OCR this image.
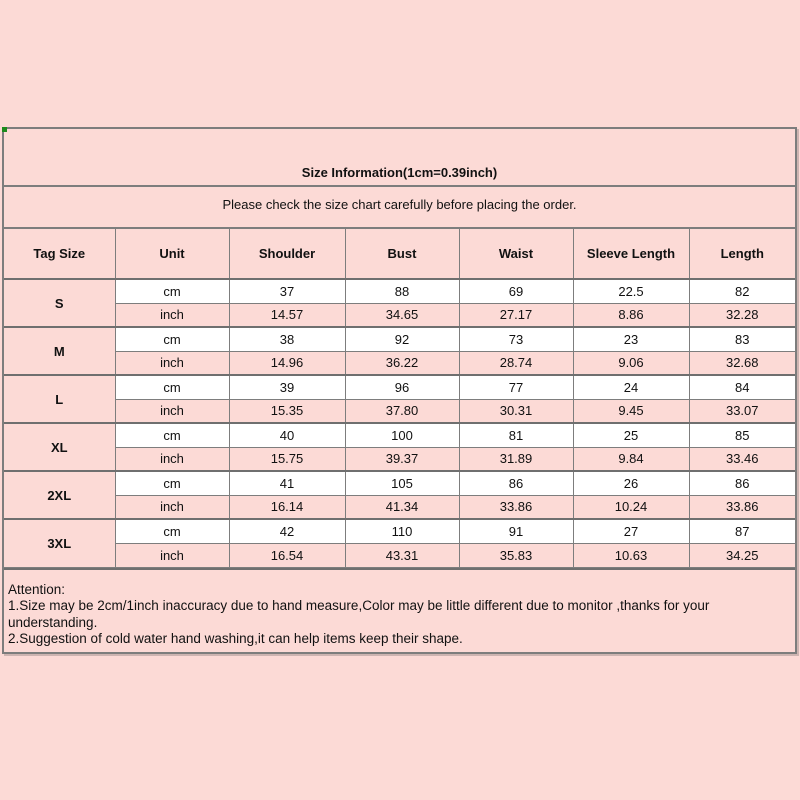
Size Information(1cm=0.39inch)
Please check the size chart carefully before placing the order.
Tag Size	Unit	Shoulder	Bust	Waist	Sleeve Length	Length
S	cm	37	88	69	22.5	82
	inch	14.57	34.65	27.17	8.86	32.28
M	cm	38	92	73	23	83
	inch	14.96	36.22	28.74	9.06	32.68
L	cm	39	96	77	24	84
	inch	15.35	37.80	30.31	9.45	33.07
XL	cm	40	100	81	25	85
	inch	15.75	39.37	31.89	9.84	33.46
2XL	cm	41	105	86	26	86
	inch	16.14	41.34	33.86	10.24	33.86
3XL	cm	42	110	91	27	87
	inch	16.54	43.31	35.83	10.63	34.25
Attention:
1.Size may be 2cm/1inch inaccuracy due to hand measure,Color may be little different due to monitor ,thanks for your understanding.
2.Suggestion of cold water hand washing,it can help items keep their shape.
